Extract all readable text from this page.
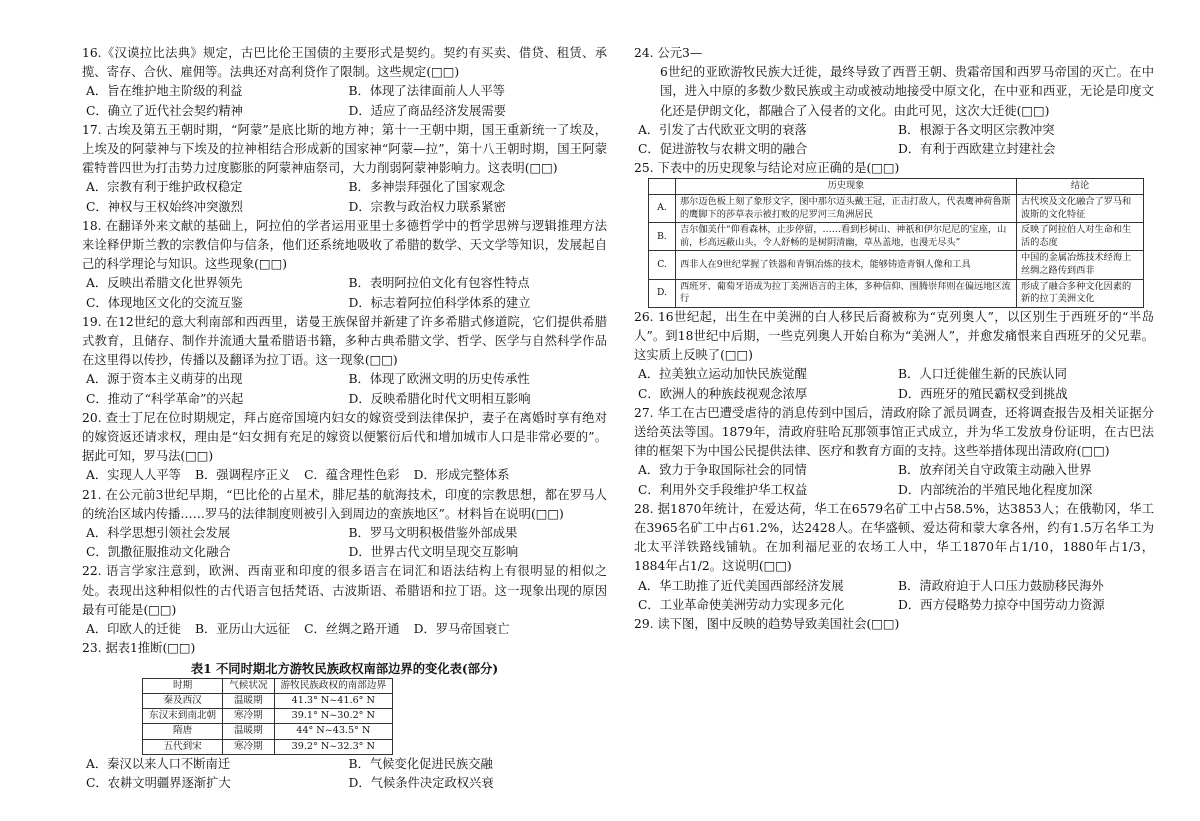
16.《汉谟拉比法典》规定，古巴比伦王国债的主要形式是契约。契约有买卖、借贷、租赁、承揽、寄存、合伙、雇佣等。法典还对高利贷作了限制。这些规定(□□)

A．旨在维护地主阶级的利益	B．体现了法律面前人人平等
C．确立了近代社会契约精神	D．适应了商品经济发展需要

17. 古埃及第五王朝时期，“阿蒙”是底比斯的地方神；第十一王朝中期，国王重新统一了埃及，上埃及的阿蒙神与下埃及的拉神相结合形成新的国家神“阿蒙—拉”，第十八王朝时期，国王阿蒙霍特普四世为打击势力过度膨胀的阿蒙神庙祭司，大力削弱阿蒙神影响力。这表明(□□)

A．宗教有利于维护政权稳定	B．多神崇拜强化了国家观念
C．神权与王权始终冲突激烈	D．宗教与政治权力联系紧密

18. 在翻译外来文献的基础上，阿拉伯的学者运用亚里士多德哲学中的哲学思辨与逻辑推理方法来诠释伊斯兰教的宗教信仰与信条，他们还系统地吸收了希腊的数学、天文学等知识，发展起自己的科学理论与知识。这些现象(□□)

A．反映出希腊文化世界领先	B．表明阿拉伯文化有包容性特点
C．体现地区文化的交流互鉴	D．标志着阿拉伯科学体系的建立

19. 在12世纪的意大利南部和西西里，诺曼王族保留并新建了许多希腊式修道院，它们提供希腊式教育，且储存、制作并流通大量希腊语书籍，多种古典希腊文学、哲学、医学与自然科学作品在这里得以传抄，传播以及翻译为拉丁语。这一现象(□□)

A．源于资本主义萌芽的出现	B．体现了欧洲文明的历史传承性
C．推动了“科学革命”的兴起	D．反映希腊化时代文明相互影响

20. 查士丁尼在位时期规定，拜占庭帝国境内妇女的嫁资受到法律保护，妻子在离婚时享有绝对的嫁资返还请求权，理由是“妇女拥有充足的嫁资以便繁衍后代和增加城市人口是非常必要的”。据此可知，罗马法(□□)

A．实现人人平等 B．强调程序正义 C．蕴含理性色彩 D．形成完整体系

21. 在公元前3世纪早期，“巴比伦的占星术，腓尼基的航海技术，印度的宗教思想，都在罗马人的统治区域内传播……罗马的法律制度则被引入到周边的蛮族地区”。材料旨在说明(□□)

A．科学思想引领社会发展	B．罗马文明积极借鉴外部成果
C．凯撒征服推动文化融合	D．世界古代文明呈现交互影响

22. 语言学家注意到，欧洲、西南亚和印度的很多语言在词汇和语法结构上有很明显的相似之处。表现出这种相似性的古代语言包括梵语、古波斯语、希腊语和拉丁语。这一现象出现的原因最有可能是(□□)

A．印欧人的迁徙 B．亚历山大远征 C．丝绸之路开通 D．罗马帝国衰亡

23. 据表1推断(□□)

表1 不同时期北方游牧民族政权南部边界的变化表(部分)

时期	气候状况	游牧民族政权的南部边界
秦及西汉	温暖期	41.3° N~41.6° N
东汉末到南北朝	寒冷期	39.1° N~30.2° N
隋唐	温暖期	44° N~43.5° N
五代到宋	寒冷期	39.2° N~32.3° N
A．秦汉以来人口不断南迁	B．气候变化促进民族交融
C．农耕文明疆界逐渐扩大	D．气候条件决定政权兴衰

24. 公元3—

6世纪的亚欧游牧民族大迁徙，最终导致了西晋王朝、贵霜帝国和西罗马帝国的灭亡。在中国，进入中原的多数少数民族或主动或被动地接受中原文化，在中亚和西亚，无论是印度文化还是伊朗文化，都融合了入侵者的文化。由此可见，这次大迁徙(□□)

A．引发了古代欧亚文明的衰落	B．根源于各文明区宗教冲突
C．促进游牧与农耕文明的融合	D．有利于西欧建立封建社会

25. 下表中的历史现象与结论对应正确的是(□□)

	历史现象	结论
A.	那尔迈色板上刻了象形文字，图中那尔迈头戴王冠，正击打敌人，代表鹰神荷鲁斯的鹰脚下的莎草表示被打败的尼罗河三角洲居民	古代埃及文化融合了罗马和波斯的文化特征
B.	吉尔伽美什“仰看森林，止步停留，……看到杉树山、神祇和伊尔尼尼的宝座，山前，杉高远蔽山头，令人舒畅的是树阴清幽，草丛盖地，也漫无尽头”	反映了阿拉伯人对生命和生活的态度
C.	西非人在9世纪掌握了铁器和青铜冶炼的技术，能够铸造青铜人像和工具	中国的金属冶炼技术经海上丝绸之路传到西非
D.	西班牙、葡萄牙语成为拉丁美洲语言的主体，多种信仰、围腾崇拜则在偏远地区流行	形成了融合多种文化因素的新的拉丁美洲文化

26. 16世纪起，出生在中美洲的白人移民后裔被称为“克列奥人”，以区别生于西班牙的“半岛人”。到18世纪中后期，一些克列奥人开始自称为“美洲人”，并愈发痛恨来自西班牙的父兄辈。这实质上反映了(□□)

A．拉美独立运动加快民族觉醒	B．人口迁徙催生新的民族认同
C．欧洲人的种族歧视观念浓厚	D．西班牙的殖民霸权受到挑战

27. 华工在古巴遭受虐待的消息传到中国后，清政府除了派员调查，还将调查报告及相关证据分送给英法等国。1879年，清政府驻哈瓦那领事馆正式成立，并为华工发放身份证明，在古巴法律的框架下为中国公民提供法律、医疗和教育方面的支持。这些举措体现出清政府(□□)

A．致力于争取国际社会的同情	B．放弃闭关自守政策主动融入世界
C．利用外交手段维护华工权益	D．内部统治的半殖民地化程度加深

28. 据1870年统计，在爱达荷，华工在6579名矿工中占58.5%，达3853人；在俄勒冈，华工在3965名矿工中占61.2%，达2428人。在华盛顿、爱达荷和蒙大拿各州，约有1.5万名华工为北太平洋铁路线铺轨。在加利福尼亚的农场工人中，华工1870年占1/10，1880年占1/3，1884年占1/2。这说明(□□)

A．华工助推了近代美国西部经济发展	B．清政府迫于人口压力鼓励移民海外
C．工业革命使美洲劳动力实现多元化	D．西方侵略势力掠夺中国劳动力资源

29. 读下图，图中反映的趋势导致美国社会(□□)
